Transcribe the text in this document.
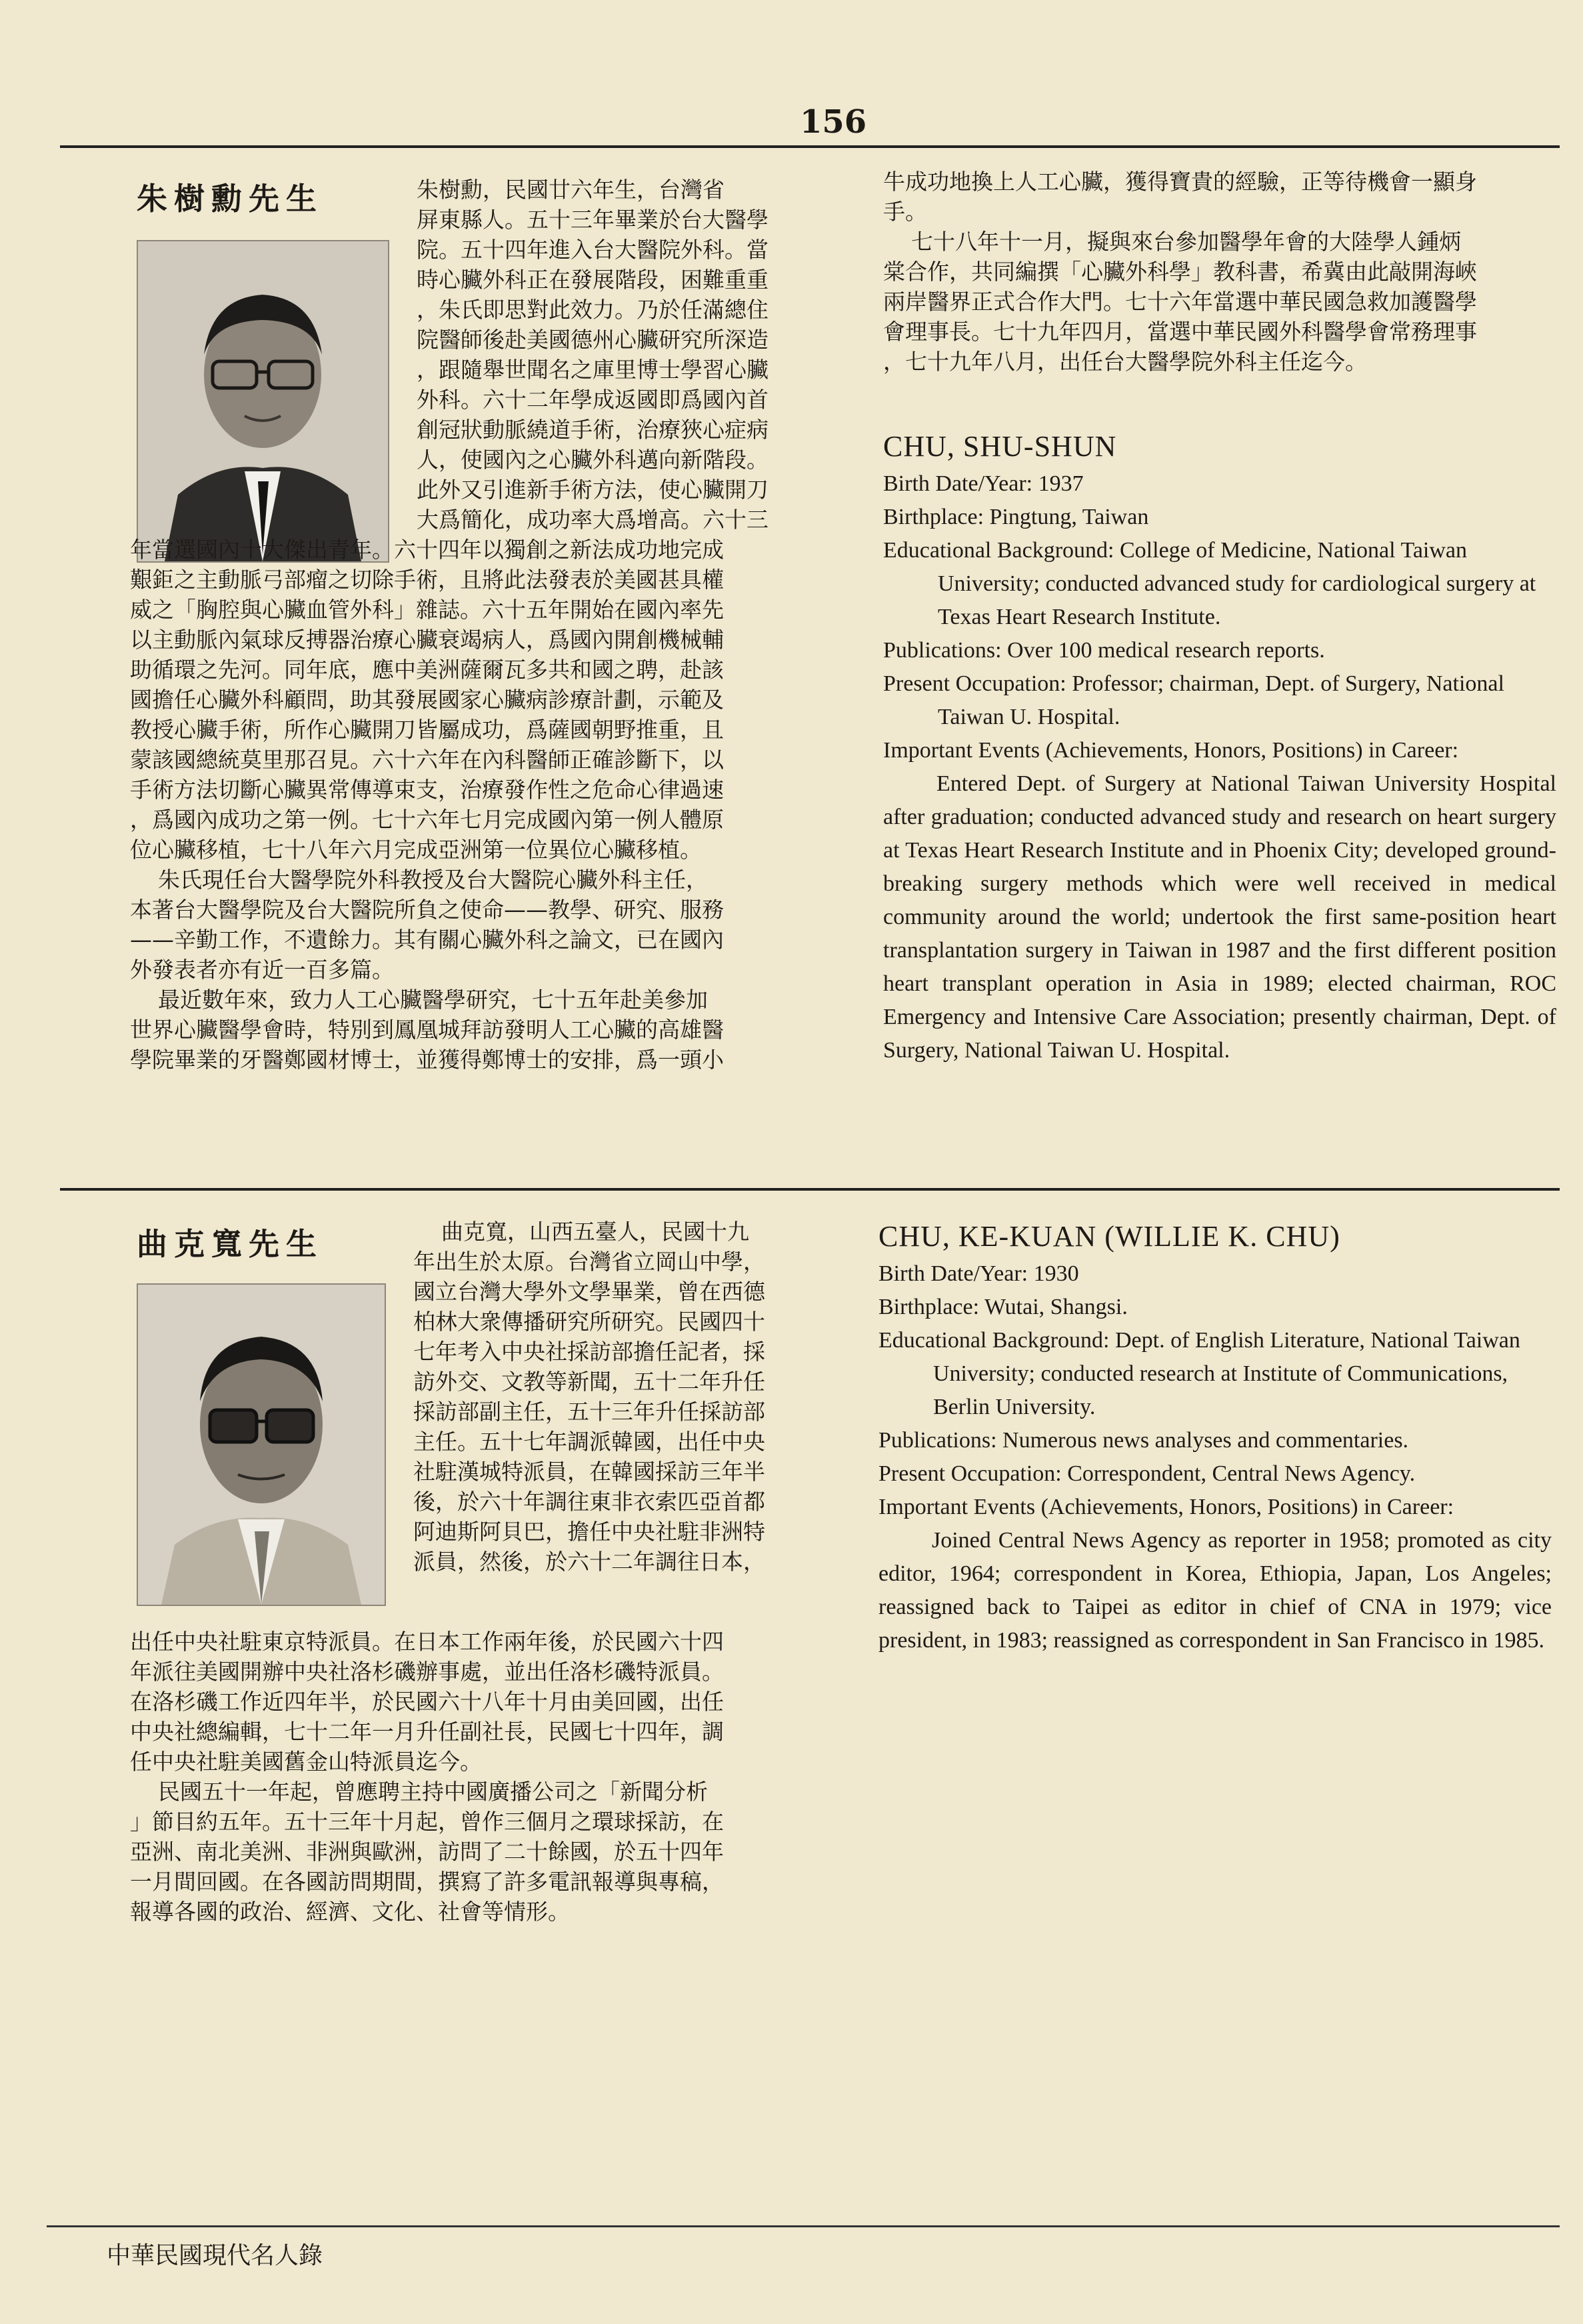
156
朱樹勳先生	朱樹勳，民國廿六年生，台灣省
屏東縣人。五十三年畢業於台大醫學
院。五十四年進入台大醫院外科。當
時心臟外科正在發展階段，困難重重
，朱氏即思對此效力。乃於任滿總住
院醫師後赴美國德州心臟研究所深造
，跟隨舉世聞名之庫里博士學習心臟
外科。六十二年學成返國即爲國內首
創冠狀動脈繞道手術，治療狹心症病
人，使國內之心臟外科邁向新階段。
此外又引進新手術方法，使心臟開刀
大爲簡化，成功率大爲增高。六十三

年當選國內十大傑出青年。六十四年以獨創之新法成功地完成
艱鉅之主動脈弓部瘤之切除手術，且將此法發表於美國甚具權
威之「胸腔與心臟血管外科」雜誌。六十五年開始在國內率先
以主動脈內氣球反搏器治療心臟衰竭病人，爲國內開創機械輔
助循環之先河。同年底，應中美洲薩爾瓦多共和國之聘，赴該
國擔任心臟外科顧問，助其發展國家心臟病診療計劃，示範及
教授心臟手術，所作心臟開刀皆屬成功，爲薩國朝野推重，且
蒙該國總統莫里那召見。六十六年在內科醫師正確診斷下，以
手術方法切斷心臟異常傳導束支，治療發作性之危命心律過速
，爲國內成功之第一例。七十六年七月完成國內第一例人體原
位心臟移植，七十八年六月完成亞洲第一位異位心臟移植。
朱氏現任台大醫學院外科教授及台大醫院心臟外科主任，
本著台大醫學院及台大醫院所負之使命——教學、研究、服務
——辛勤工作，不遺餘力。其有關心臟外科之論文，已在國內
外發表者亦有近一百多篇。
最近數年來，致力人工心臟醫學研究，七十五年赴美參加
世界心臟醫學會時，特別到鳳凰城拜訪發明人工心臟的高雄醫
學院畢業的牙醫鄭國材博士，並獲得鄭博士的安排，爲一頭小

牛成功地換上人工心臟，獲得寶貴的經驗，正等待機會一顯身
手。
七十八年十一月，擬與來台參加醫學年會的大陸學人鍾炳
棠合作，共同編撰「心臟外科學」教科書，希冀由此敲開海峽
兩岸醫界正式合作大門。七十六年當選中華民國急救加護醫學
會理事長。七十九年四月，當選中華民國外科醫學會常務理事
，七十九年八月，出任台大醫學院外科主任迄今。

CHU, SHU-SHUN

Birth Date/Year: 1937

Birthplace: Pingtung, Taiwan

Educational Background: College of Medicine, National Taiwan University; conducted advanced study for cardiological surgery at Texas Heart Research Institute.

Publications: Over 100 medical research reports.

Present Occupation: Professor; chairman, Dept. of Surgery, National Taiwan U. Hospital.

Important Events (Achievements, Honors, Positions) in Career:

Entered Dept. of Surgery at National Taiwan University Hospital after graduation; conducted advanced study and research on heart surgery at Texas Heart Research Institute and in Phoenix City; developed ground-breaking surgery methods which were well received in medical community around the world; undertook the first same-position heart transplantation surgery in Taiwan in 1987 and the first different position heart transplant operation in Asia in 1989; elected chairman, ROC Emergency and Intensive Care Association; presently chairman, Dept. of Surgery, National Taiwan U. Hospital.

曲克寬先生	曲克寬，山西五臺人，民國十九
年出生於太原。台灣省立岡山中學，
國立台灣大學外文學畢業，曾在西德
柏林大衆傳播研究所研究。民國四十
七年考入中央社採訪部擔任記者，採
訪外交、文教等新聞，五十二年升任
採訪部副主任，五十三年升任採訪部
主任。五十七年調派韓國，出任中央
社駐漢城特派員，在韓國採訪三年半
後，於六十年調往東非衣索匹亞首都
阿迪斯阿貝巴，擔任中央社駐非洲特
派員，然後，於六十二年調往日本，

出任中央社駐東京特派員。在日本工作兩年後，於民國六十四
年派往美國開辦中央社洛杉磯辦事處，並出任洛杉磯特派員。
在洛杉磯工作近四年半，於民國六十八年十月由美回國，出任
中央社總編輯，七十二年一月升任副社長，民國七十四年，調
任中央社駐美國舊金山特派員迄今。
民國五十一年起，曾應聘主持中國廣播公司之「新聞分析
」節目約五年。五十三年十月起，曾作三個月之環球採訪，在
亞洲、南北美洲、非洲與歐洲，訪問了二十餘國，於五十四年
一月間回國。在各國訪問期間，撰寫了許多電訊報導與專稿，
報導各國的政治、經濟、文化、社會等情形。

CHU, KE-KUAN (WILLIE K. CHU)

Birth Date/Year: 1930

Birthplace: Wutai, Shangsi.

Educational Background: Dept. of English Literature, National Taiwan University; conducted research at Institute of Communications, Berlin University.

Publications: Numerous news analyses and commentaries.

Present Occupation: Correspondent, Central News Agency.

Important Events (Achievements, Honors, Positions) in Career:

Joined Central News Agency as reporter in 1958; promoted as city editor, 1964; correspondent in Korea, Ethiopia, Japan, Los Angeles; reassigned back to Taipei as editor in chief of CNA in 1979; vice president, in 1983; reassigned as correspondent in San Francisco in 1985.

中華民國現代名人錄
